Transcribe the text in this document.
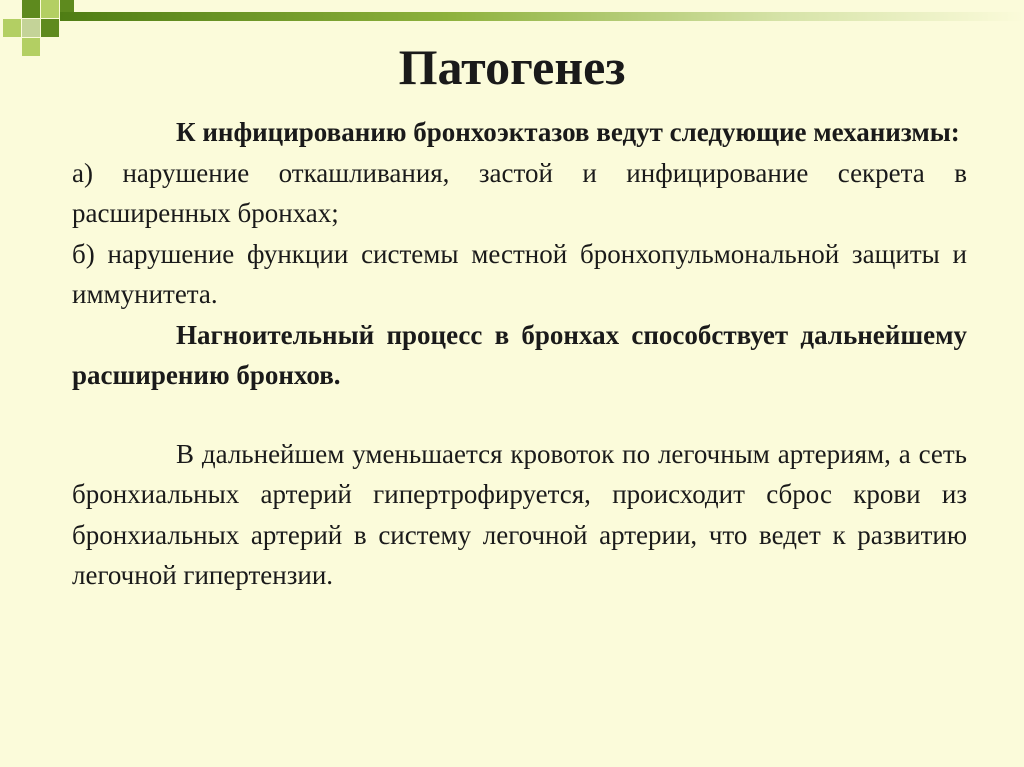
Патогенез

К инфицированию бронхоэктазов ведут следующие механизмы:

а) нарушение откашливания, застой и инфицирование секрета в расширенных бронхах;

б) нарушение функции системы местной бронхопульмональной защиты и иммунитета.

Нагноительный процесс в бронхах способствует дальнейшему расширению бронхов.

В дальнейшем уменьшается кровоток по легочным артериям, а сеть бронхиальных артерий гипертрофируется, происходит сброс крови из бронхиальных артерий в систему легочной артерии, что ведет к развитию легочной гипертензии.
